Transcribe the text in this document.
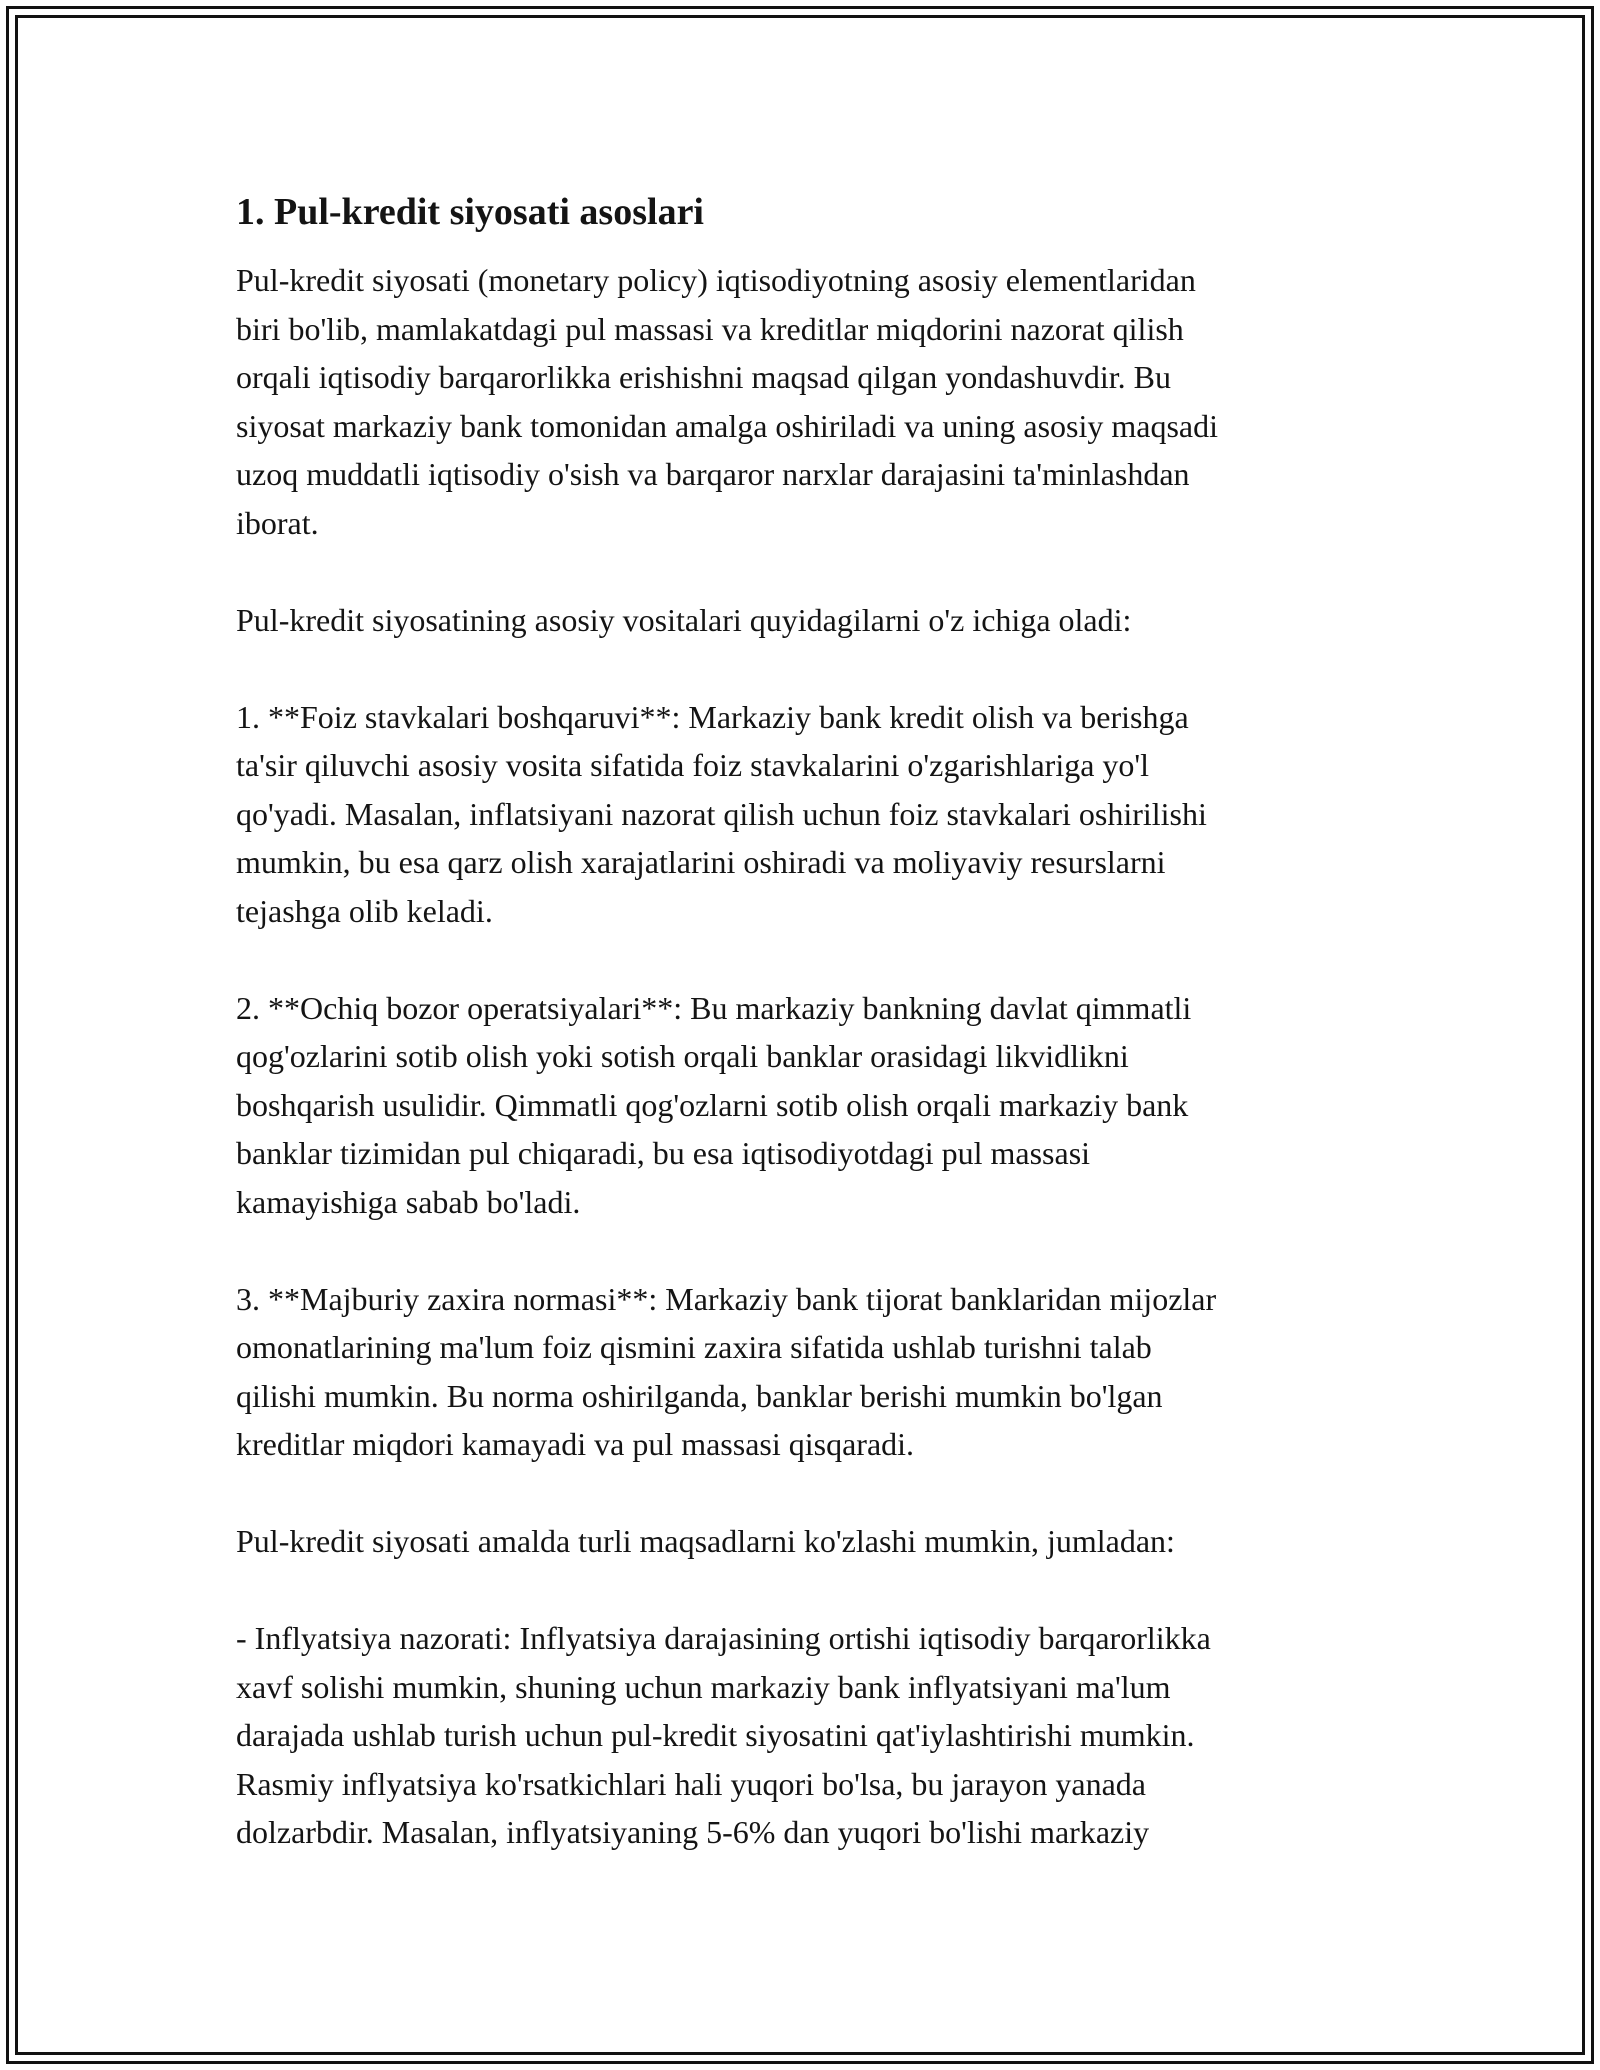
1. Pul-kredit siyosati asoslari

Pul-kredit siyosati (monetary policy) iqtisodiyotning asosiy elementlaridan
biri bo'lib, mamlakatdagi pul massasi va kreditlar miqdorini nazorat qilish
orqali iqtisodiy barqarorlikka erishishni maqsad qilgan yondashuvdir. Bu
siyosat markaziy bank tomonidan amalga oshiriladi va uning asosiy maqsadi
uzoq muddatli iqtisodiy o'sish va barqaror narxlar darajasini ta'minlashdan
iborat.

Pul-kredit siyosatining asosiy vositalari quyidagilarni o'z ichiga oladi:

1. **Foiz stavkalari boshqaruvi**: Markaziy bank kredit olish va berishga
ta'sir qiluvchi asosiy vosita sifatida foiz stavkalarini o'zgarishlariga yo'l
qo'yadi. Masalan, inflatsiyani nazorat qilish uchun foiz stavkalari oshirilishi
mumkin, bu esa qarz olish xarajatlarini oshiradi va moliyaviy resurslarni
tejashga olib keladi.

2. **Ochiq bozor operatsiyalari**: Bu markaziy bankning davlat qimmatli
qog'ozlarini sotib olish yoki sotish orqali banklar orasidagi likvidlikni
boshqarish usulidir. Qimmatli qog'ozlarni sotib olish orqali markaziy bank
banklar tizimidan pul chiqaradi, bu esa iqtisodiyotdagi pul massasi
kamayishiga sabab bo'ladi.

3. **Majburiy zaxira normasi**: Markaziy bank tijorat banklaridan mijozlar
omonatlarining ma'lum foiz qismini zaxira sifatida ushlab turishni talab
qilishi mumkin. Bu norma oshirilganda, banklar berishi mumkin bo'lgan
kreditlar miqdori kamayadi va pul massasi qisqaradi.

Pul-kredit siyosati amalda turli maqsadlarni ko'zlashi mumkin, jumladan:

- Inflyatsiya nazorati: Inflyatsiya darajasining ortishi iqtisodiy barqarorlikka
xavf solishi mumkin, shuning uchun markaziy bank inflyatsiyani ma'lum
darajada ushlab turish uchun pul-kredit siyosatini qat'iylashtirishi mumkin.
Rasmiy inflyatsiya ko'rsatkichlari hali yuqori bo'lsa, bu jarayon yanada
dolzarbdir. Masalan, inflyatsiyaning 5-6% dan yuqori bo'lishi markaziy
